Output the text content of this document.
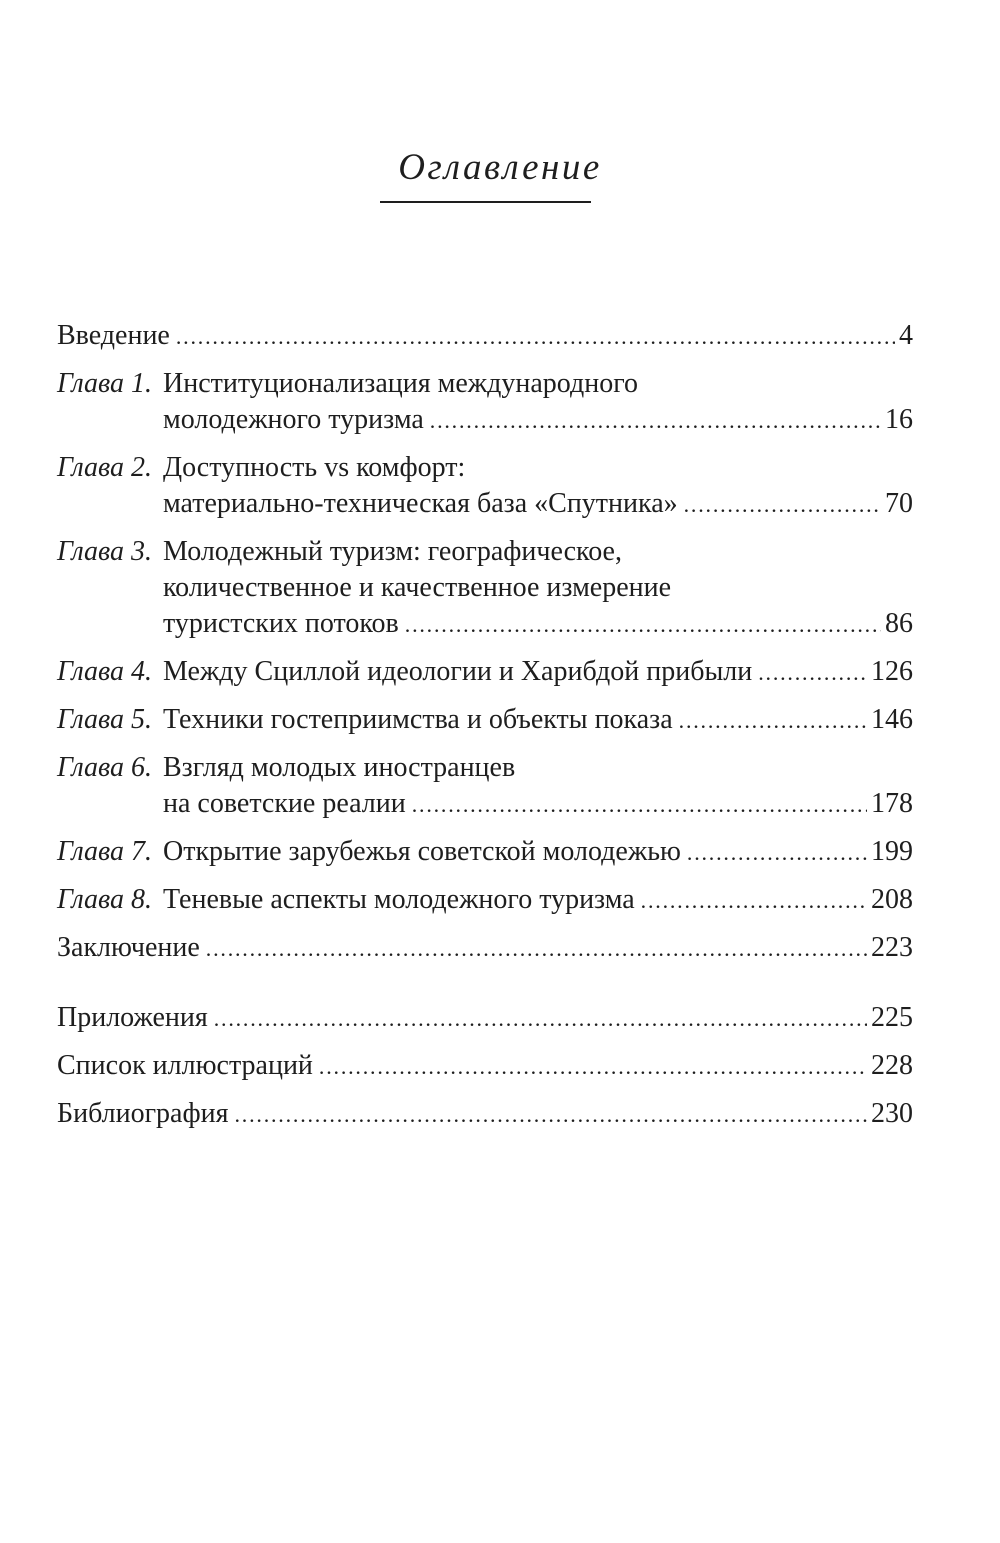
Оглавление
Введение .....	4
Глава 1. Институционализация международного
молодежного туризма .....	16
Глава 2. Доступность vs комфорт:
материально-техническая база «Спутника» .....	70
Глава 3. Молодежный туризм: географическое,
количественное и качественное измерение
туристских потоков .....	86
Глава 4. Между Сциллой идеологии и Харибдой прибыли .....	126
Глава 5. Техники гостеприимства и объекты показа .....	146
Глава 6. Взгляд молодых иностранцев
на советские реалии .....	178
Глава 7. Открытие зарубежья советской молодежью .....	199
Глава 8. Теневые аспекты молодежного туризма .....	208
Заключение .....	223
Приложения .....	225
Список иллюстраций .....	228
Библиография .....	230
